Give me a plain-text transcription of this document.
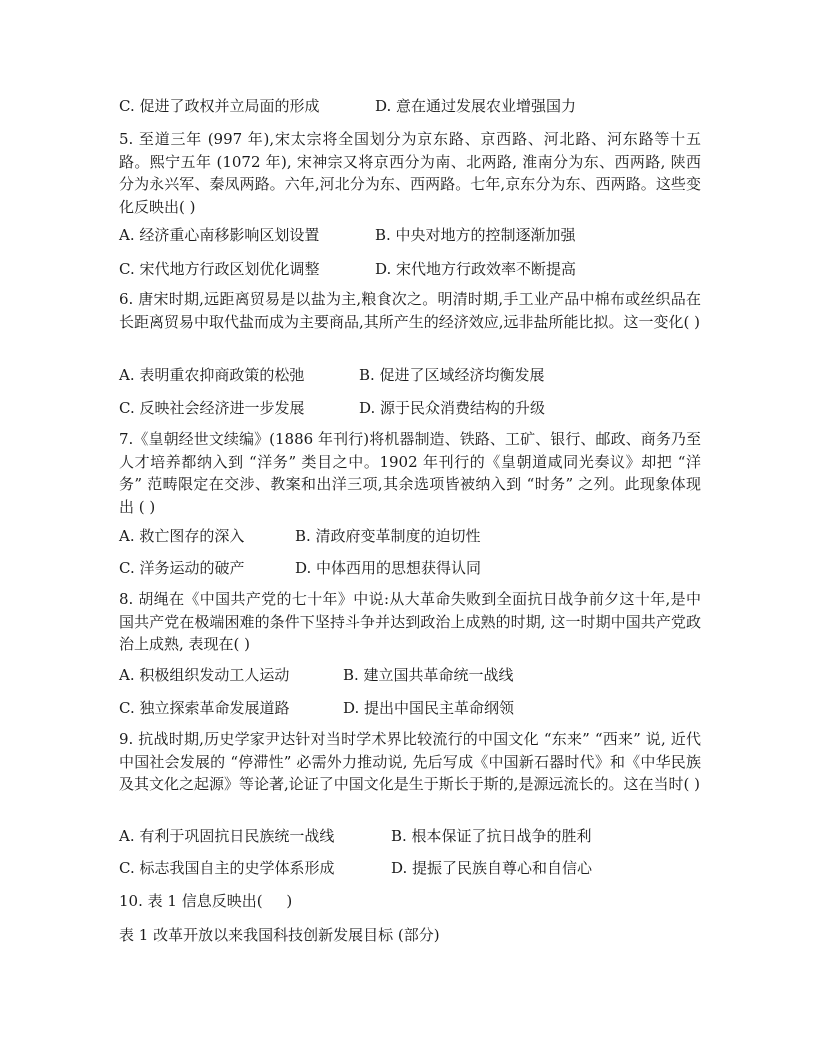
C. 促进了政权并立局面的形成	D. 意在通过发展农业增强国力
5. 至道三年 (997 年),宋太宗将全国划分为京东路、京西路、河北路、河东路等十五路。熙宁五年 (1072 年), 宋神宗又将京西分为南、北两路, 淮南分为东、西两路, 陕西分为永兴军、秦凤两路。六年,河北分为东、西两路。七年,京东分为东、西两路。这些变化反映出( )
A. 经济重心南移影响区划设置	B. 中央对地方的控制逐渐加强
C. 宋代地方行政区划优化调整	D. 宋代地方行政效率不断提高
6. 唐宋时期,远距离贸易是以盐为主,粮食次之。明清时期,手工业产品中棉布或丝织品在长距离贸易中取代盐而成为主要商品,其所产生的经济效应,远非盐所能比拟。这一变化( )
A. 表明重农抑商政策的松弛	B. 促进了区域经济均衡发展
C. 反映社会经济进一步发展	D. 源于民众消费结构的升级
7.《皇朝经世文续编》(1886 年刊行)将机器制造、铁路、工矿、银行、邮政、商务乃至人才培养都纳入到 “洋务” 类目之中。1902 年刊行的《皇朝道咸同光奏议》却把 “洋务” 范畴限定在交涉、教案和出洋三项,其余选项皆被纳入到 “时务” 之列。此现象体现出 ( )
A. 救亡图存的深入	B. 清政府变革制度的迫切性
C. 洋务运动的破产	D. 中体西用的思想获得认同
8. 胡绳在《中国共产党的七十年》中说:从大革命失败到全面抗日战争前夕这十年,是中国共产党在极端困难的条件下坚持斗争并达到政治上成熟的时期, 这一时期中国共产党政治上成熟, 表现在( )
A. 积极组织发动工人运动	B. 建立国共革命统一战线
C. 独立探索革命发展道路	D. 提出中国民主革命纲领
9. 抗战时期,历史学家尹达针对当时学术界比较流行的中国文化 “东来” “西来” 说, 近代中国社会发展的 “停滞性” 必需外力推动说, 先后写成《中国新石器时代》和《中华民族及其文化之起源》等论著,论证了中国文化是生于斯长于斯的,是源远流长的。这在当时( )
A. 有利于巩固抗日民族统一战线	B. 根本保证了抗日战争的胜利
C. 标志我国自主的史学体系形成	D. 提振了民族自尊心和自信心
10. 表 1 信息反映出(     )
表 1 改革开放以来我国科技创新发展目标 (部分)
